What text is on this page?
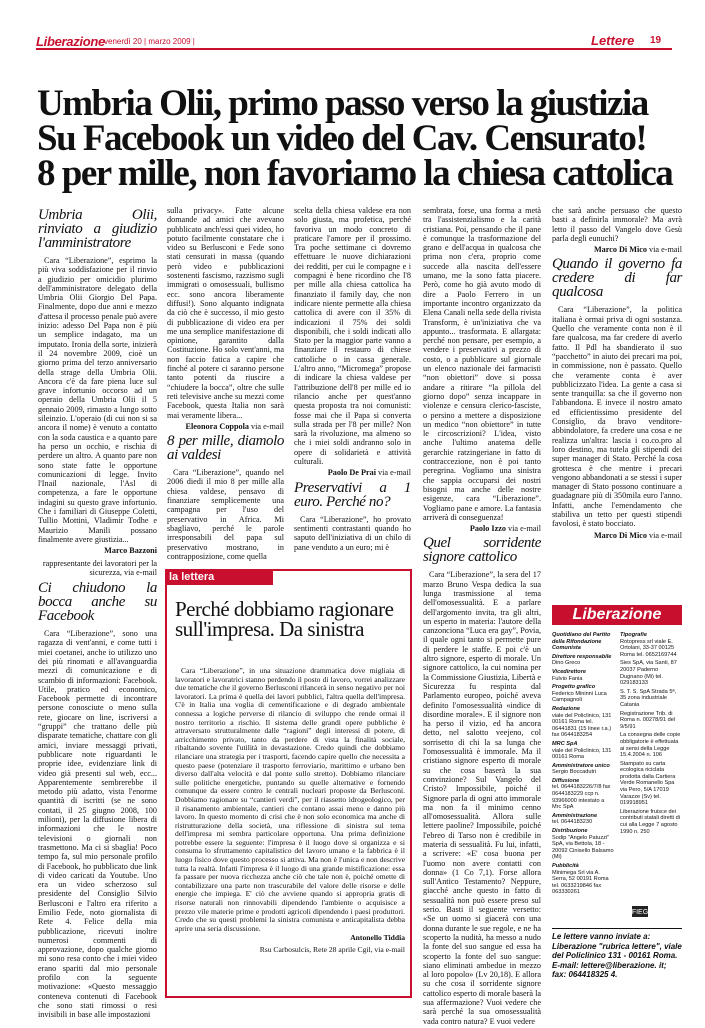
Liberazione venerdì 20 | marzo 2009 |	Lettere 19
Umbria Olii, primo passo verso la giustizia
Su Facebook un video del Cav. Censurato!
8 per mille, non favoriamo la chiesa cattolica
Umbria Olii, rinviato a giudizio l'amministratore

Cara “Liberazione”, esprimo la più viva soddisfazione per il rinvio a giudizio per omicidio plurimo dell'amministratore delegato della Umbria Olii Giorgio Del Papa. Finalmente, dopo due anni e mezzo d'attesa il processo penale può avere inizio: adesso Del Papa non è più un semplice indagato, ma un imputato. Ironia della sorte, inizierà il 24 novembre 2009, cioè un giorno prima del terzo anniversario della strage della Umbria Olii. Ancora c'è da fare piena luce sul grave infortunio occorso ad un operaio della Umbria Olii il 5 gennaio 2009, rimasto a lungo sotto sileinzio. L'operaio (di cui non si sa ancora il nome) è venuto a contatto con la soda caustica e a quanto pare ha perso un occhio, e rischia di perdere un altro. A quanto pare non sono state fatte le opportune comunicazioni di legge. Invito l'Inail nazionale, l'Asl di competenza, a fare le opportune indagini su questo grave infortunio. Che i familiari di Giuseppe Coletti, Tullio Mottini, Vladimir Todhe e Maurizio Manili possano finalmente avere giustizia...

Marco Bazzoni
rappresentante dei lavoratori per la sicurezza, via e-mail
Ci chiudono la bocca anche su Facebook

Cara “Liberazione”, sono una ragazza di vent'anni, e come tutti i miei coetanei, anche io utilizzo uno dei più rinomati e all'avanguardia mezzi di comunicazione e di scambio di informazioni: Facebook. Utile, pratico ed economico, Facebook permette di incontrare persone conosciute o meno sulla rete, giocare on line, iscriversi a “gruppi” che trattano delle più disparate tematiche, chattare con gli amici, inviare messaggi privati, pubblicare note riguardanti le proprie idee, evidenziare link di video già presenti sul web, ecc... Apparentemente sembrerebbe il metodo più adatto, vista l'enorme quantità di iscritti (se ne sono contati, il 25 giugno 2008, 100 milioni), per la diffusione libera di informazioni che le nostre televisioni o giornali non trasmettono. Ma ci si sbaglia! Poco tempo fa, sul mio personale profilo di Facebook, ho pubblicato due link di video caricati da Youtube. Uno era un video scherzoso sul presidente del Consiglio Silvio Berlusconi e l'altro era riferito a Emilio Fede, noto giornalista di Rete 4. Felice della mia pubblicazione, ricevuti inoltre numerosi commenti di approvazione, dopo qualche giorno mi sono resa conto che i miei video erano spariti dal mio personale profilo con la seguente motivazione: «Questo messaggio conteneva contenuti di Facebook che sono stati rimossi o resi invisibili in base alle impostazioni

sulla privacy». Fatte alcune domande ad amici che avevano pubblicato anch'essi quei video, ho potuto facilmente constatare che i video su Berlusconi e Fede sono stati censurati in massa (quando però video e pubblicazioni sostenenti fascismo, razzismo sugli immigrati o omosessuali, bullismo ecc. sono ancora liberamente diffusi!). Sono alquanto indignata da ciò che è successo, il mio gesto di pubblicazione di video era per me una semplice manifestazione di opinione, garantito dalla Costituzione. Ho solo vent'anni, ma non faccio fatica a capire che finché al potere ci saranno persone tanto potenti da riuscire a “chiudere la bocca”, oltre che sulle reti televisive anche su mezzi come Facebook, questa Italia non sarà mai veramente libera...

Eleonora Coppola via e-mail
8 per mille, diamolo ai valdesi

Cara “Liberazione”, quando nel 2006 diedi il mio 8 per mille alla chiesa valdese, pensavo di finanziare semplicemente una campagna per l'uso del preservativo in Africa. Mi sbagliavo, perché le parole irresponsabili del papa sul preservativo mostrano, in contrapposizione, come quella

scelta della chiesa valdese era non solo giusta, ma profetica, perché favoriva un modo concreto di praticare l'amore per il prossimo. Tra poche settimane ci dovremo effettuare le nuove dichiarazioni dei redditi, per cui le compagne e i compagni è bene ricordino che l'8 per mille alla chiesa cattolica ha finanziato il family day, che non indicare niente permette alla chiesa cattolica di avere con il 35% di indicazioni il 75% dei soldi disponibili, che i soldi indicati allo Stato per la maggior parte vanno a finanziare il restauro di chiese cattoliche o in cassa generale. L'altro anno, “Micromega” propose di indicare la chiesa valdese per l'attribuzione dell'8 per mille ed io rilancio anche per quest'anno questa proposta tra noi comunisti: fosse mai che il Papa si converta sulla strada per l'8 per mille? Non sarà la rivoluzione, ma almeno so che i miei soldi andranno solo in opere di solidarietà e attività culturali.

Paolo De Prai via e-mail
Preservativi a 1 euro. Perché no?

Cara “Liberazione”, ho provato sentimenti contrastanti quando ho saputo dell'iniziativa di un chilo di pane venduto a un euro; mi è

sembrata, forse, una forma a metà tra l'assistenzialismo e la carità cristiana. Poi, pensando che il pane è comunque la trasformazione del grano e dell'acqua in qualcosa che prima non c'era, proprio come succede alla nascita dell'essere umano, me la sono fatta piacere. Però, come ho già avuto modo di dire a Paolo Ferrero in un importante incontro organizzato da Elena Canali nella sede della rivista Transform, è un'iniziativa che va appunto... trasformata. E allargata: perché non pensare, per esempio, a vendere i preservativi a prezzo di costo, o a pubblicare sul giornale un elenco nazionale dei farmacisti “non obiettori” dove si possa andare a ritirare “la pillola del giorno dopo” senza incappare in violenze e censura clerico-fasciste, o persino a mettere a disposizione un medico “non obiettore” in tutte le circoscrizioni? L'idea, visto anche l'ultimo anatema delle gerarchie ratzingeriane in fatto di contraccezione, non è poi tanto peregrina. Vogliamo una sinistra che sappia occuparsi dei nostri bisogni ma anche delle nostre esigenze, cara “Liberazione”. Vogliamo pane e amore. La fantasia arriverà di conseguenza!

Paolo Izzo via e-mail
Quel sorridente signore cattolico

Cara “Liberazione”, la sera del 17 marzo Bruno Vespa dedica la sua lunga trasmissione al tema dell'omosessualità. E a parlare dell'argomento invita, tra gli altri, un esperto in materia: l'autore della canzonciona “Luca era gay”, Povia, il quale ogni tanto si permette pure di perdere le staffe. E poi c'è un altro signore, esperto di morale. Un signore cattolico, la cui nomina per la Commissione Giustizia, Libertà e Sicurezza fu respinta dal Parlamento europeo, poiché aveva definito l'omosessualità «indice di disordine morale». E il signore non ha perso il vizio, ed ha ancora detto, nel salotto veejeno, col sorrisetto di chi la sa lunga che l'omosessualità è immorale. Ma il cristiano signore esperto di morale su che cosa baserà la sua convinzione? Sul Vangelo del Cristo? Impossibile, poiché il Signore parla di ogni atto immorale ma non fa il minimo cenno all'omosessualità. Allora sulle lettere paoline? Impossibile, poiché l'ebreo di Tarso non è credibile in materia di sessualità. Fu lui, infatti, a scrivere: «E' cosa buona per l'uomo non avere contatti con donna» (1 Co 7,1). Forse allora sull'Antico Testamento? Neppure, giacché anche questo in fatto di sessualità non può essere preso sul serio. Basti il seguente versetto: «Se un uomo si giacerà con una donna durante le sue regole, e ne ha scoperto la nudità, ha messo a nudo la fonte del suo sangue ed essa ha scoperto la fonte del suo sangue: siano eliminati ambedue in mezzo al loro popolo» (Lv 20,18). E allora su che cosa il sorridente signore cattolico esperto di morale baserà la sua affermazione? Vuoi vedere che sarà perché la sua omosessualità vada contro natura? E vuoi vedere

che sarà anche persuaso che questo basti a definirla immorale? Ma avrà letto il passo del Vangelo dove Gesù parla degli eunuchi?

Marco Di Mico via e-mail
Quando il governo fa credere di far qualcosa

Cara “Liberazione”, la politica italiana è ormai priva di ogni sostanza. Quello che veramente conta non è il fare qualcosa, ma far credere di averlo fatto. Il Pdl ha sbandierato il suo “pacchetto” in aiuto dei precari ma poi, in commissione, non è passato. Quello che veramente conta è aver pubblicizzato l'idea. La gente a casa si sente tranquilla: sa che il governo non l'abbandona. E invece il nostro amato ed efficientissimo presidente del Consiglio, da bravo venditore-abbindolatore, fa credere una cosa e ne realizza un'altra: lascia i co.co.pro al loro destino, ma tutela gli stipendi dei super manager di Stato. Perché la cosa grottesca è che mentre i precari vengono abbandonati a se stessi i super manager di Stato possono continuare a guadagnare più di 350mila euro l'anno. Infatti, anche l'emendamento che stabiliva un tetto per questi stipendi favolosi, è stato bocciato.

Marco Di Mico via e-mail
la lettera
Perché dobbiamo ragionare sull'impresa. Da sinistra

Cara “Liberazione”, in una situazione drammatica dove migliaia di lavoratori e lavoratrici stanno perdendo il posto di lavoro, vorrei analizzare due tematiche che il governo Berlusconi rilancerà in senso negativo per noi lavoratori. La prima è quella dei lavori pubblici, l'altra quella dell'impresa. C'è in Italia una voglia di cementificazione e di degrado ambientale connessa a logiche perverse di rilancio di sviluppo che rende ormai il nostro territorio a rischio. Il sistema delle grandi opere pubbliche è attraversato strutturalmente dalle “ragioni” degli interessi di potere, di arricchimento privato, tanto da perdere di vista la finalità sociale, ribaltando sovente l'utilità in devastazione. Credo quindi che dobbiamo rilanciare una strategia per i trasporti, facendo capire quello che necessita a questo paese (potenziare il trasporto ferroviario, marittimo e urbano ben diverso dall'alta velocità e dal ponte sullo stretto). Dobbiamo rilanciare sulle politiche energetiche, puntando su quelle alternative e fornendo comunque da essere contro le centrali nucleari proposte da Berlusconi. Dobbiamo ragionare su “cantieri verdi”, per il riassetto idrogeologico, per il risanamento ambientale, cantieri che contano assai meno e danno più lavoro. In questo momento di crisi che è non solo economica ma anche di ristrutturazione della società, una riflessione di sinistra sul tema dell'impresa mi sembra particolare opportuna. Una prima definizione potrebbe essere la seguente: l'impresa è il luogo dove si organizza e si consuma lo sfruttamento capitalistico del lavoro umano e la fabbrica è il luogo fisico dove questo processo si attiva. Ma non è l'unica e non descrive tutta la realtà. Infatti l'impresa è il luogo di una grande mistificazione: essa fa passare per nuova ricchezza anche ciò che tale non è, poiché omette di contabilizzare una parte non trascurabile del valore delle risorse e delle energie che impiega. E' ciò che avviene quando si appropria gratis di risorse naturali non rinnovabili dipendendo l'ambiente o acquisisce a prezzo vile materie prime e prodotti agricoli dipendendo i paesi produttori. Credo che su questi problemi la sinistra comunista e anticapitalista debba aprire una seria discussione.

Antonello Tiddia
Rsu Carbosulcis, Rete 28 aprile Cgil, via e-mail
Liberazione
Quotidiano del Partito della Rifondazione Comunista
Direttore responsabile
Dino Greco
Vicedirettore
Fulvio Fania
Progetto grafico
Federico Mininni Luca Campagnoli
Redazione
viale del Policlinico, 131 00161 Roma tel. 06441831 (15 linee r.a.) fax 0644183254
MRC SpA
viale del Policlinico, 131 00161 Roma
Amministratore unico
Sergio Boccadutri
Diffusione
tel. 0644183226/7/8 fax 0644183229 ccp n. 93966000 intestato a Mrc SpA
Amministrazione
tel. 0644183230
Distribuzione
Sodip "Angelo Patuzzi" SpA, via Bettola, 18 - 20092 Cinisello Balsamo (Mi)
Pubblicità
Minimega Srl via A. Serra, 52 00191 Roma tel. 0633219846 fax 063330261
Tipografie
Rotopress srl viale E. Ortolani, 33-37 00125 Roma tel. 0652169744
Sies SpA, via Santi, 87 20037 Paderno Dugnano (Mi) tel. 029183133
S. T. S. SpA Strada 5ª, 35 zona industriale Catania
Registrazione Trib. di Roma n. 00278/91 del 9/5/91
La consegna delle copie obbligatorie è effettuata ai sensi della Legge 15.4.2004 n. 106
Stampato su carta ecologica riciclata prodotta dalla Cartiera Verde Romanello Spa via Pero, 5/A 17019 Varazze (Sv) tel. 019918951
Liberazione fruisce dei contributi statali diretti di cui alla Legge 7 agosto 1990 n. 250
FIEG
Le lettere vanno inviate a: Liberazione "rubrica lettere", viale del Policlinico 131 - 00161 Roma. E-mail: lettere@liberazione. it; fax: 064418325 4.
